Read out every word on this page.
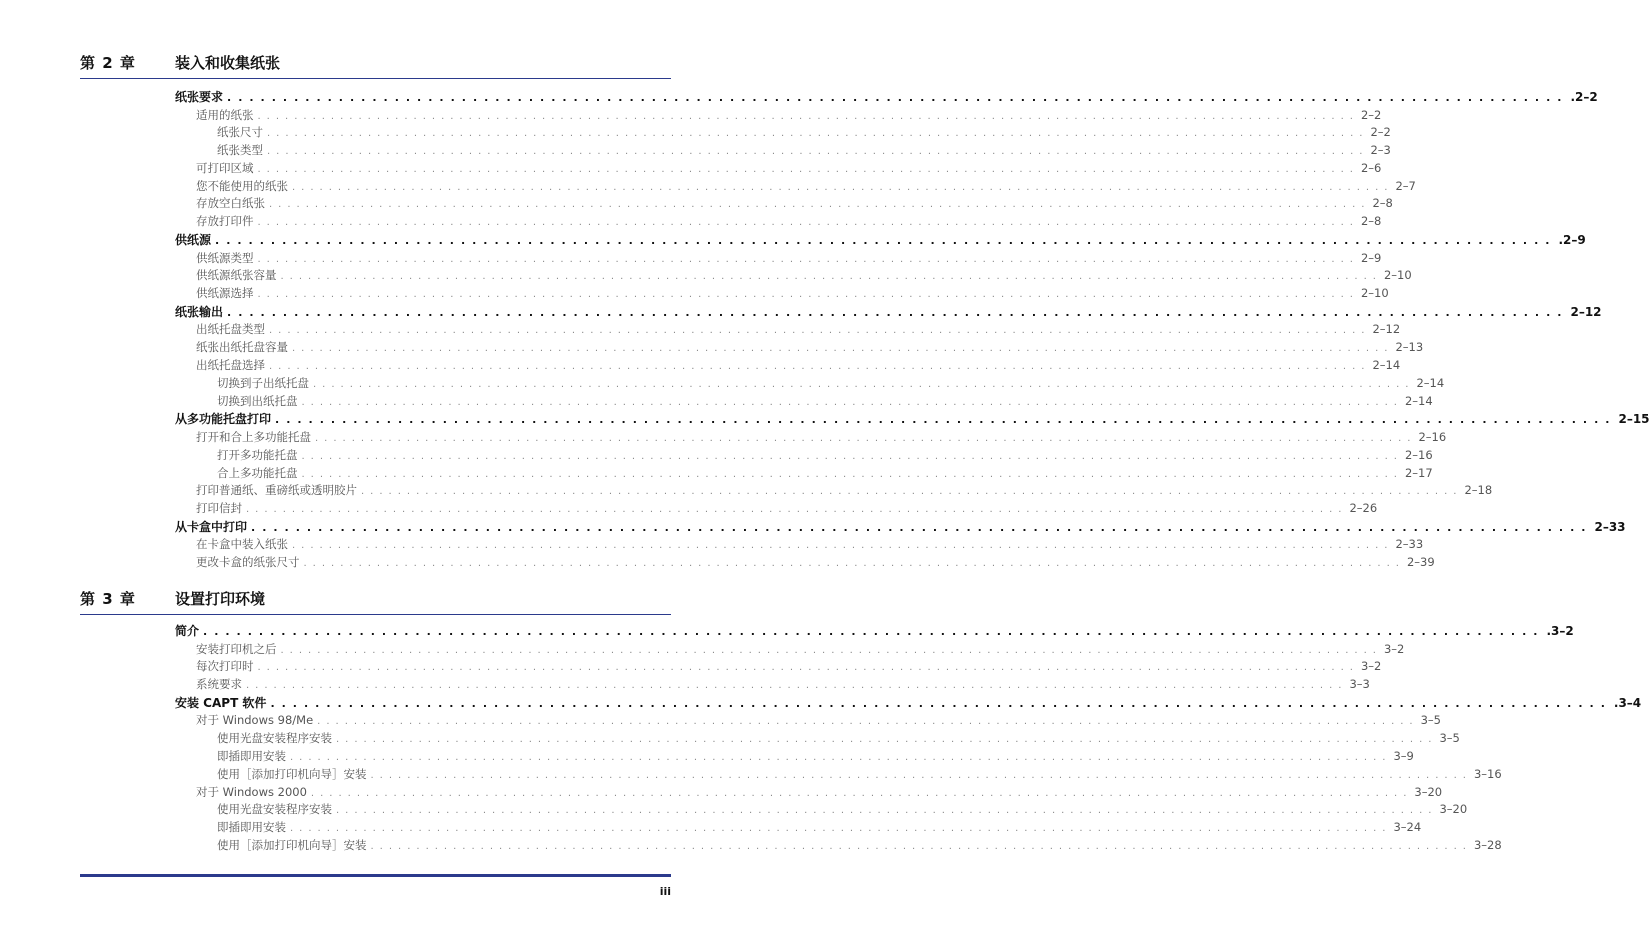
第 2 章	装入和收集纸张
纸张要求 ........................................................................................................................ .2–2
适用的纸张 ........................................................................................................................ 2–2
纸张尺寸 ........................................................................................................................ 2–2
纸张类型 ........................................................................................................................ 2–3
可打印区域 ........................................................................................................................ 2–6
您不能使用的纸张 ........................................................................................................................ 2–7
存放空白纸张 ........................................................................................................................ 2–8
存放打印件 ........................................................................................................................ 2–8
供纸源 ........................................................................................................................ .2–9
供纸源类型 ........................................................................................................................ 2–9
供纸源纸张容量 ........................................................................................................................ 2–10
供纸源选择 ........................................................................................................................ 2–10
纸张输出 ........................................................................................................................ 2–12
出纸托盘类型 ........................................................................................................................ 2–12
纸张出纸托盘容量 ........................................................................................................................ 2–13
出纸托盘选择 ........................................................................................................................ 2–14
切换到子出纸托盘 ........................................................................................................................ 2–14
切换到出纸托盘 ........................................................................................................................ 2–14
从多功能托盘打印 ........................................................................................................................ 2–15
打开和合上多功能托盘 ........................................................................................................................ 2–16
打开多功能托盘 ........................................................................................................................ 2–16
合上多功能托盘 ........................................................................................................................ 2–17
打印普通纸、重磅纸或透明胶片 ........................................................................................................................ 2–18
打印信封 ........................................................................................................................ 2–26
从卡盒中打印 ........................................................................................................................ 2–33
在卡盒中装入纸张 ........................................................................................................................ 2–33
更改卡盒的纸张尺寸 ........................................................................................................................ 2–39
第 3 章	设置打印环境
简介 ........................................................................................................................ .3–2
安装打印机之后 ........................................................................................................................ 3–2
每次打印时 ........................................................................................................................ 3–2
系统要求 ........................................................................................................................ 3–3
安装 CAPT 软件 ........................................................................................................................ .3–4
对于 Windows 98/Me ........................................................................................................................ 3–5
使用光盘安装程序安装 ........................................................................................................................ 3–5
即插即用安装 ........................................................................................................................ 3–9
使用［添加打印机向导］安装 ........................................................................................................................ 3–16
对于 Windows 2000 ........................................................................................................................ 3–20
使用光盘安装程序安装 ........................................................................................................................ 3–20
即插即用安装 ........................................................................................................................ 3–24
使用［添加打印机向导］安装 ........................................................................................................................ 3–28
iii
